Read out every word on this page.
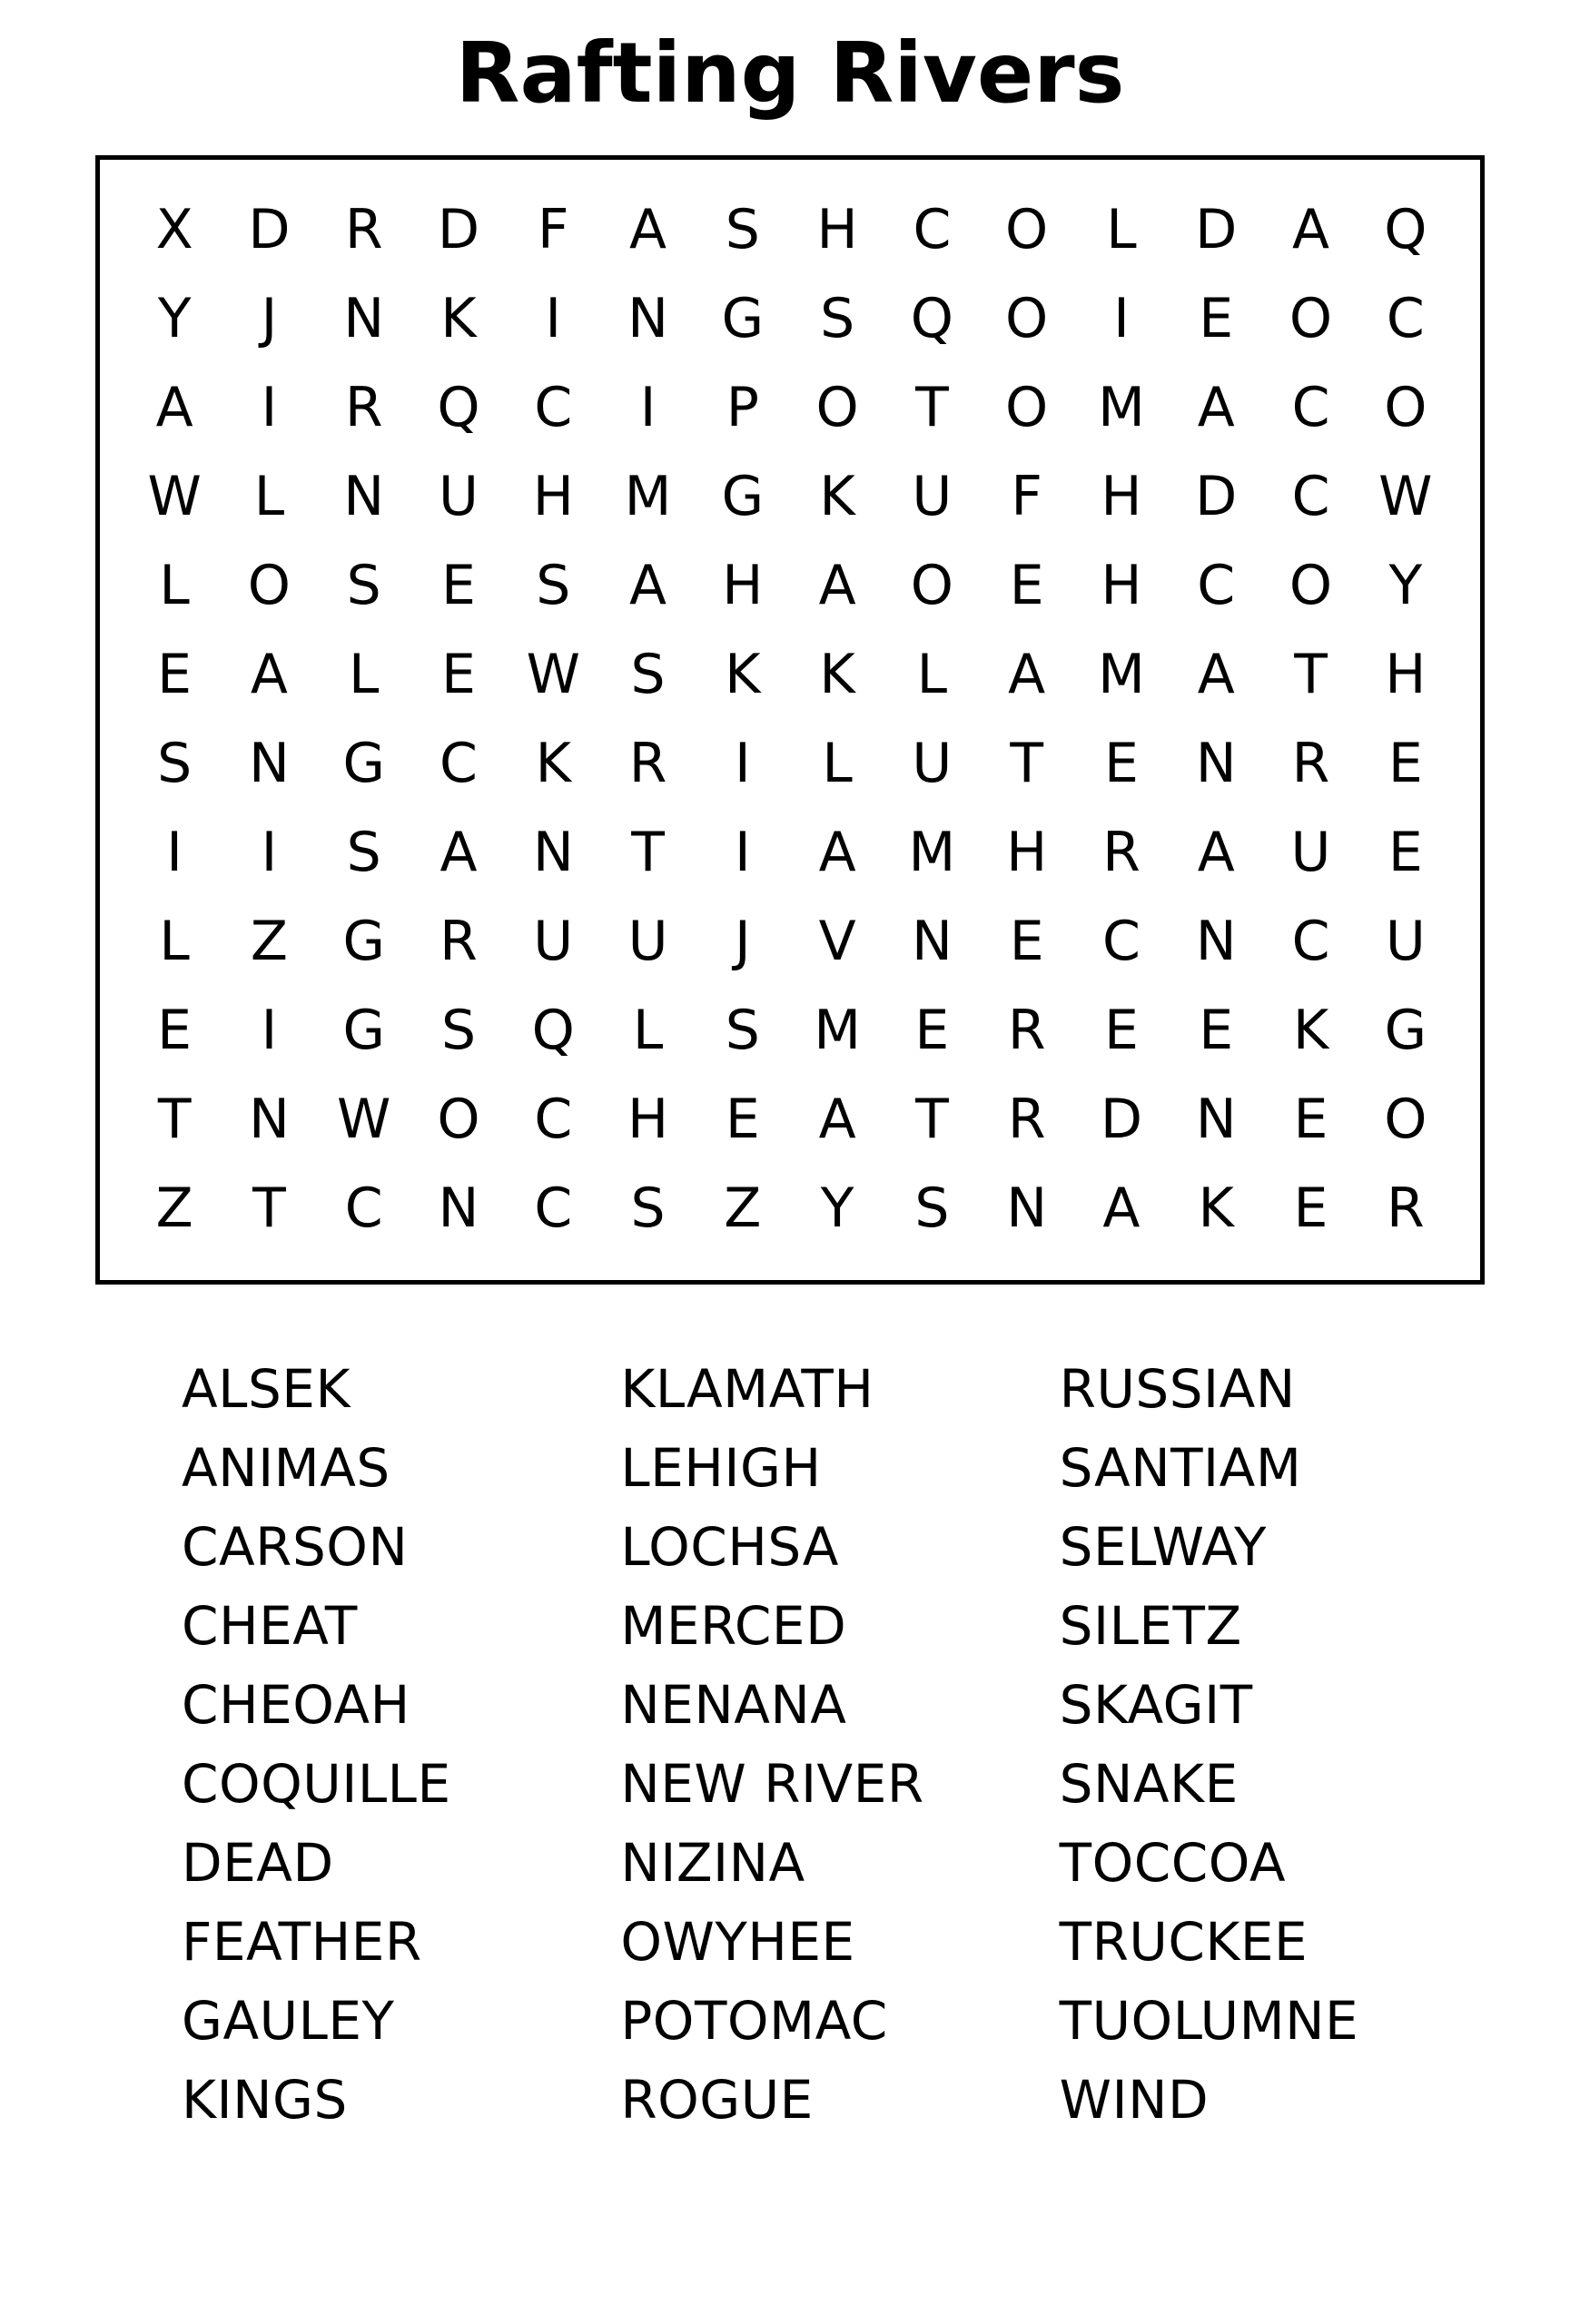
Rafting Rivers
X	D	R	D	F	A	S	H	C	O	L	D	A	Q
Y	J	N	K	I	N	G	S	Q	O	I	E	O	C
A	I	R	Q	C	I	P	O	T	O	M	A	C	O
W	L	N	U	H	M	G	K	U	F	H	D	C	W
L	O	S	E	S	A	H	A	O	E	H	C	O	Y
E	A	L	E	W	S	K	K	L	A	M	A	T	H
S	N	G	C	K	R	I	L	U	T	E	N	R	E
I	I	S	A	N	T	I	A	M	H	R	A	U	E
L	Z	G	R	U	U	J	V	N	E	C	N	C	U
E	I	G	S	Q	L	S	M	E	R	E	E	K	G
T	N	W	O	C	H	E	A	T	R	D	N	E	O
Z	T	C	N	C	S	Z	Y	S	N	A	K	E	R
ALSEK
ANIMAS
CARSON
CHEAT
CHEOAH
COQUILLE
DEAD
FEATHER
GAULEY
KINGS
KLAMATH
LEHIGH
LOCHSA
MERCED
NENANA
NEW RIVER
NIZINA
OWYHEE
POTOMAC
ROGUE
RUSSIAN
SANTIAM
SELWAY
SILETZ
SKAGIT
SNAKE
TOCCOA
TRUCKEE
TUOLUMNE
WIND
